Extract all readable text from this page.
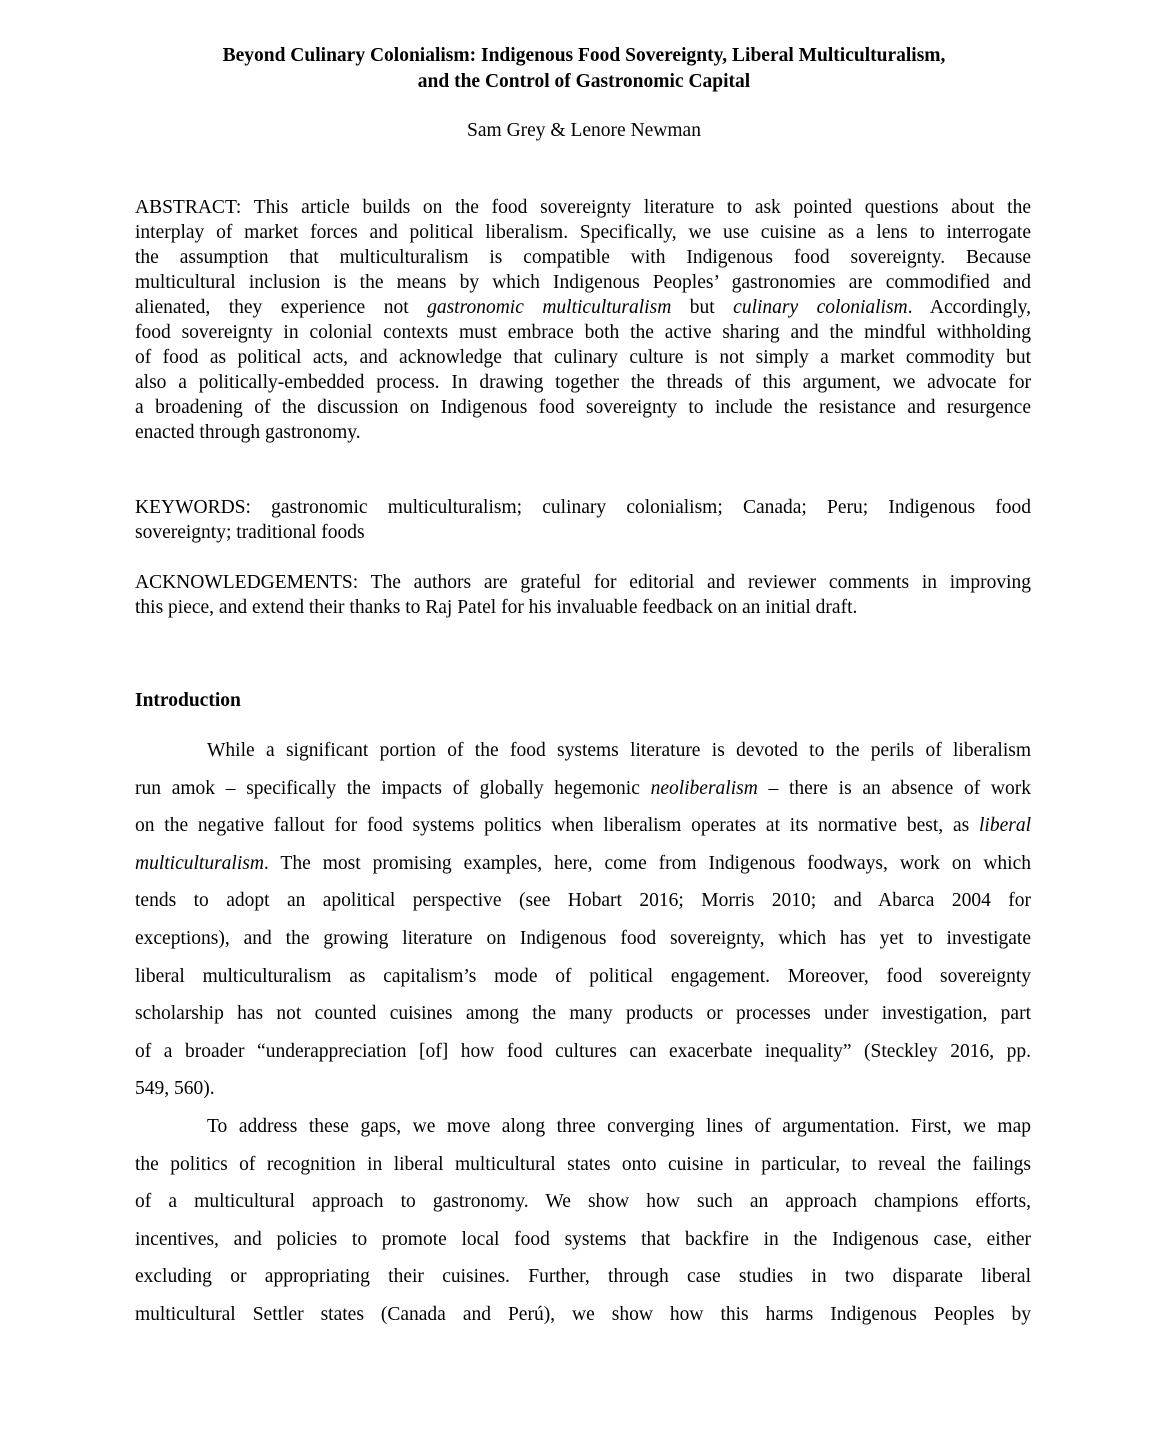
Beyond Culinary Colonialism: Indigenous Food Sovereignty, Liberal Multiculturalism,
and the Control of Gastronomic Capital
Sam Grey & Lenore Newman
ABSTRACT: This article builds on the food sovereignty literature to ask pointed questions about the
interplay of market forces and political liberalism. Specifically, we use cuisine as a lens to interrogate
the assumption that multiculturalism is compatible with Indigenous food sovereignty. Because
multicultural inclusion is the means by which Indigenous Peoples’ gastronomies are commodified and
alienated, they experience not gastronomic multiculturalism but culinary colonialism. Accordingly,
food sovereignty in colonial contexts must embrace both the active sharing and the mindful withholding
of food as political acts, and acknowledge that culinary culture is not simply a market commodity but
also a politically-embedded process. In drawing together the threads of this argument, we advocate for
a broadening of the discussion on Indigenous food sovereignty to include the resistance and resurgence
enacted through gastronomy.
KEYWORDS: gastronomic multiculturalism; culinary colonialism; Canada; Peru; Indigenous food
sovereignty; traditional foods
ACKNOWLEDGEMENTS: The authors are grateful for editorial and reviewer comments in improving
this piece, and extend their thanks to Raj Patel for his invaluable feedback on an initial draft.
Introduction
While a significant portion of the food systems literature is devoted to the perils of liberalism
run amok – specifically the impacts of globally hegemonic neoliberalism – there is an absence of work
on the negative fallout for food systems politics when liberalism operates at its normative best, as liberal
multiculturalism. The most promising examples, here, come from Indigenous foodways, work on which
tends to adopt an apolitical perspective (see Hobart 2016; Morris 2010; and Abarca 2004 for
exceptions), and the growing literature on Indigenous food sovereignty, which has yet to investigate
liberal multiculturalism as capitalism’s mode of political engagement. Moreover, food sovereignty
scholarship has not counted cuisines among the many products or processes under investigation, part
of a broader “underappreciation [of] how food cultures can exacerbate inequality” (Steckley 2016, pp.
549, 560).
To address these gaps, we move along three converging lines of argumentation. First, we map
the politics of recognition in liberal multicultural states onto cuisine in particular, to reveal the failings
of a multicultural approach to gastronomy. We show how such an approach champions efforts,
incentives, and policies to promote local food systems that backfire in the Indigenous case, either
excluding or appropriating their cuisines. Further, through case studies in two disparate liberal
multicultural Settler states (Canada and Perú), we show how this harms Indigenous Peoples by
